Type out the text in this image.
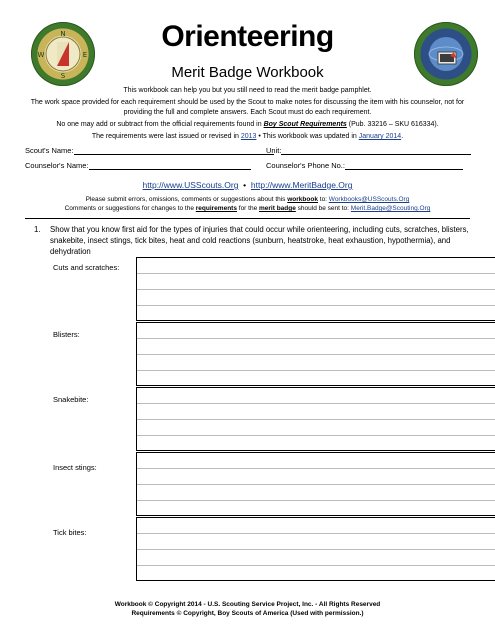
N
S
W	E
Orienteering
Merit Badge Workbook

This workbook can help you but you still need to read the merit badge pamphlet.

The work space provided for each requirement should be used by the Scout to make notes for discussing the item with his counselor, not for providing the full and complete answers. Each Scout must do each requirement.

No one may add or subtract from the official requirements found in Boy Scout Requirements (Pub. 33216 – SKU 616334).

The requirements were last issued or revised in 2013 • This workbook was updated in January 2014.

Scout's Name:	Unit:
Counselor's Name:	Counselor's Phone No.:
http://www.USScouts.Org • http://www.MeritBadge.Org
Please submit errors, omissions, comments or suggestions about this workbook to: Workbooks@USScouts.Org
Comments or suggestions for changes to the requirements for the merit badge should be sent to: Merit.Badge@Scouting.Org
1. Show that you know first aid for the types of injuries that could occur while orienteering, including cuts, scratches, blisters, snakebite, insect stings, tick bites, heat and cold reactions (sunburn, heatstroke, heat exhaustion, hypothermia), and dehydration
Cuts and scratches:
Blisters:
Snakebite:
Insect stings:
Tick bites:
Workbook © Copyright 2014 - U.S. Scouting Service Project, Inc. - All Rights Reserved
Requirements © Copyright, Boy Scouts of America (Used with permission.)
